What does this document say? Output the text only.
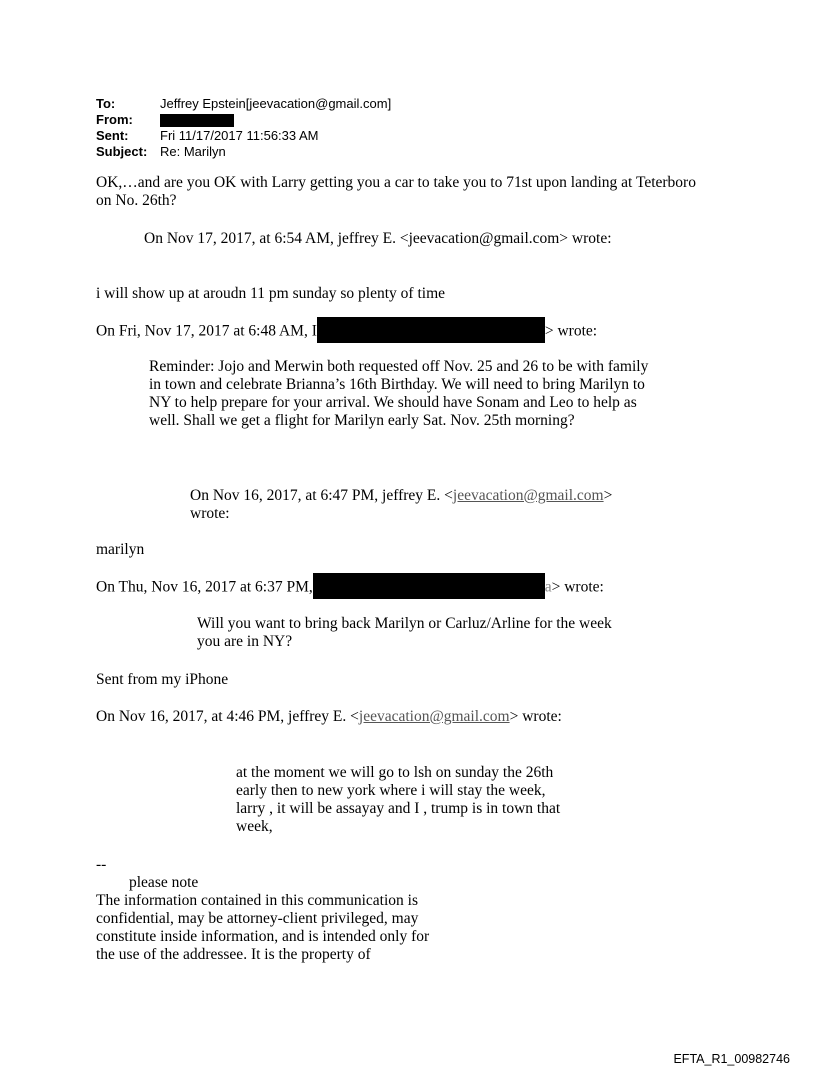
To:	Jeffrey Epstein[jeevacation@gmail.com]
From:
Sent: Fri 11/17/2017 11:56:33 AM
Subject: Re: Marilyn
OK,…and are you OK with Larry getting you a car to take you to 71st upon landing at Teterboro
on No. 26th?
On Nov 17, 2017, at 6:54 AM, jeffrey E. <jeevacation@gmail.com> wrote:
i will show up at aroudn 11 pm sunday so plenty of time
On Fri, Nov 17, 2017 at 6:48 AM, I	> wrote:
Reminder: Jojo and Merwin both requested off Nov. 25 and 26 to be with family
in town and celebrate Brianna’s 16th Birthday. We will need to bring Marilyn to
NY to help prepare for your arrival. We should have Sonam and Leo to help as
well. Shall we get a flight for Marilyn early Sat. Nov. 25th morning?
On Nov 16, 2017, at 6:47 PM, jeffrey E. <jeevacation@gmail.com>
wrote:
marilyn
On Thu, Nov 16, 2017 at 6:37 PM,	a> wrote:
Will you want to bring back Marilyn or Carluz/Arline for the week
you are in NY?
Sent from my iPhone
On Nov 16, 2017, at 4:46 PM, jeffrey E. <jeevacation@gmail.com> wrote:
at the moment we will go to lsh on sunday the 26th
early then to new york where i will stay the week,
larry , it will be assayay and I , trump is in town that
week,
--
please note
The information contained in this communication is
confidential, may be attorney-client privileged, may
constitute inside information, and is intended only for
the use of the addressee. It is the property of
EFTA_R1_00982746
